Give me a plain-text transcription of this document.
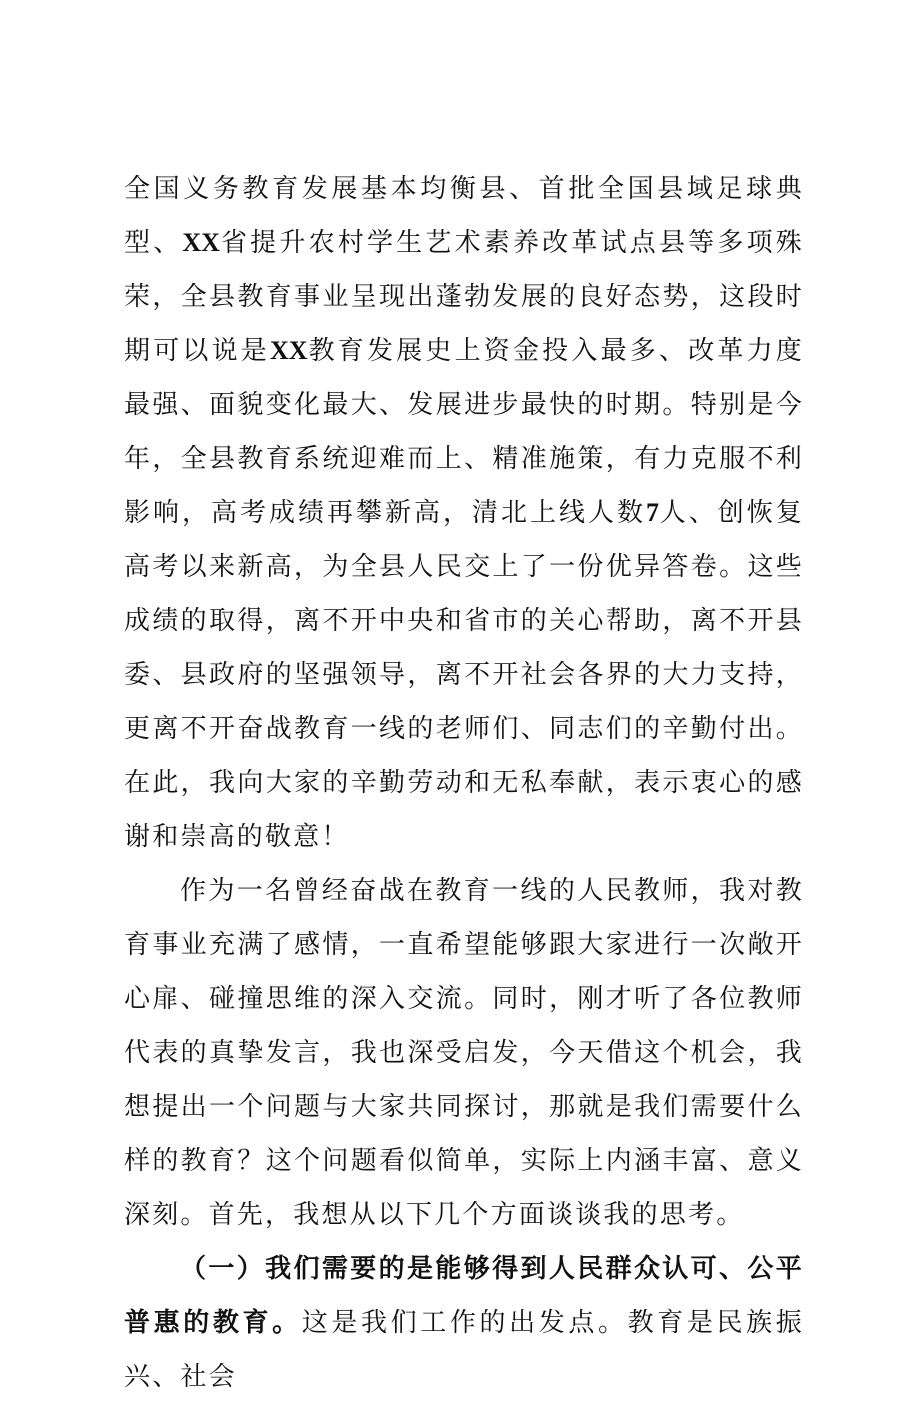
全国义务教育发展基本均衡县、首批全国县域足球典型、XX省提升农村学生艺术素养改革试点县等多项殊荣，全县教育事业呈现出蓬勃发展的良好态势，这段时期可以说是XX教育发展史上资金投入最多、改革力度最强、面貌变化最大、发展进步最快的时期。特别是今年，全县教育系统迎难而上、精准施策，有力克服不利影响，高考成绩再攀新高，清北上线人数7人、创恢复高考以来新高，为全县人民交上了一份优异答卷。这些成绩的取得，离不开中央和省市的关心帮助，离不开县委、县政府的坚强领导，离不开社会各界的大力支持，更离不开奋战教育一线的老师们、同志们的辛勤付出。在此，我向大家的辛勤劳动和无私奉献，表示衷心的感谢和崇高的敬意！

作为一名曾经奋战在教育一线的人民教师，我对教育事业充满了感情，一直希望能够跟大家进行一次敞开心扉、碰撞思维的深入交流。同时，刚才听了各位教师代表的真挚发言，我也深受启发，今天借这个机会，我想提出一个问题与大家共同探讨，那就是我们需要什么样的教育？这个问题看似简单，实际上内涵丰富、意义深刻。首先，我想从以下几个方面谈谈我的思考。

（一）我们需要的是能够得到人民群众认可、公平普惠的教育。这是我们工作的出发点。教育是民族振兴、社会
